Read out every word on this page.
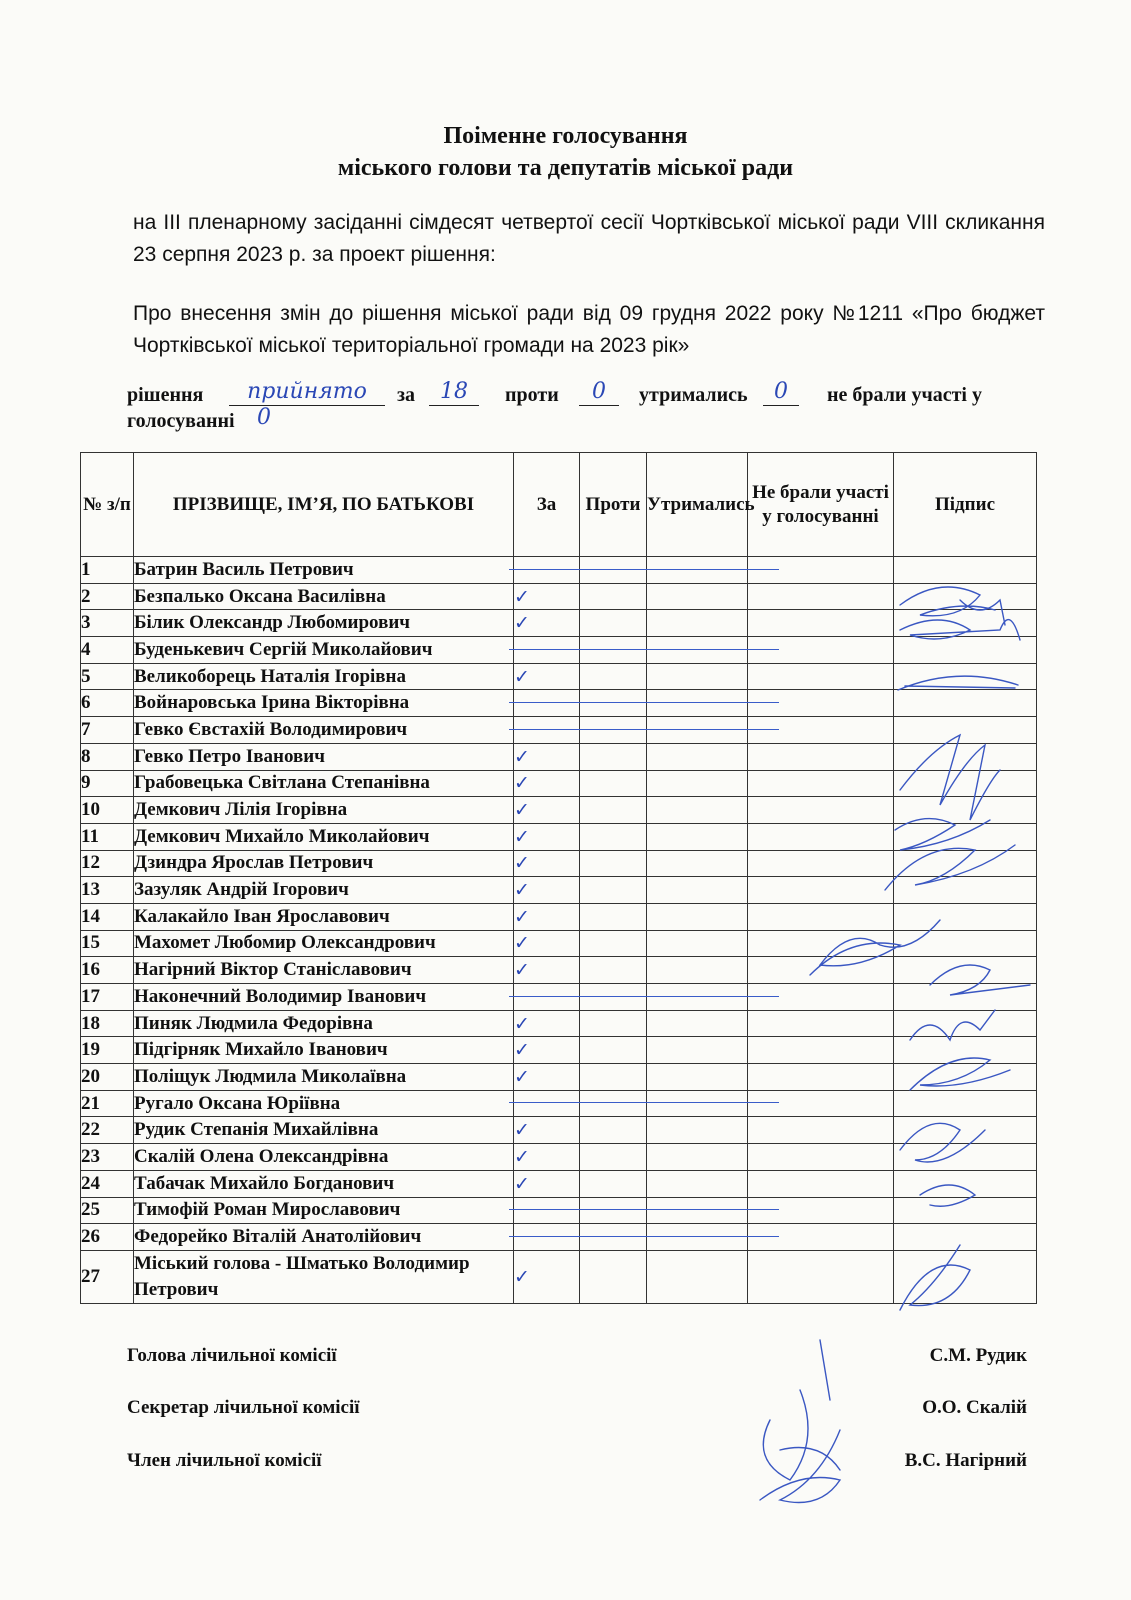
Поіменне голосування
міського голови та депутатів міської ради
на III пленарному засіданні сімдесят четвертої сесії Чортківської міської ради VIII скликання 23 серпня 2023 р. за проект рішення:
Про внесення змін до рішення міської ради від 09 грудня 2022 року №1211 «Про бюджет Чортківської міської територіальної громади на 2023 рік»
рішення	прийнято	за	18	проти	0	утримались	0	не брали участі у
голосуванні	0
№ з/п	ПРІЗВИЩЕ, ІМ’Я, ПО БАТЬКОВІ	За	Проти	Утримались	Не брали участі у голосуванні	Підпис
1	Батрин Василь Петрович	

2	Безпалько Оксана Василівна	✓				
3	Білик Олександр Любомирович	✓				
4	Буденькевич Сергій Миколайович	

5	Великоборець Наталія Ігорівна	✓				
6	Войнаровська Ірина Вікторівна	

7	Гевко Євстахій Володимирович	

8	Гевко Петро Іванович	✓				
9	Грабовецька Світлана Степанівна	✓				
10	Демкович Лілія Ігорівна	✓				
11	Демкович Михайло Миколайович	✓				
12	Дзиндра Ярослав Петрович	✓				
13	Зазуляк Андрій Ігорович	✓				
14	Калакайло Іван Ярославович	✓				
15	Махомет Любомир Олександрович	✓				
16	Нагірний Віктор Станіславович	✓				
17	Наконечний Володимир Іванович	

18	Пиняк Людмила Федорівна	✓				
19	Підгірняк Михайло Іванович	✓				
20	Поліщук Людмила Миколаївна	✓				
21	Ругало Оксана Юріївна	

22	Рудик Степанія Михайлівна	✓				
23	Скалій Олена Олександрівна	✓				
24	Табачак Михайло Богданович	✓				
25	Тимофій Роман Мирославович	

26	Федорейко Віталій Анатолійович	

27	Міський голова - Шматько Володимир Петрович	✓				
Голова лічильної комісії	С.М. Рудик
Секретар лічильної комісії	О.О. Скалій
Член лічильної комісії	В.С. Нагірний
